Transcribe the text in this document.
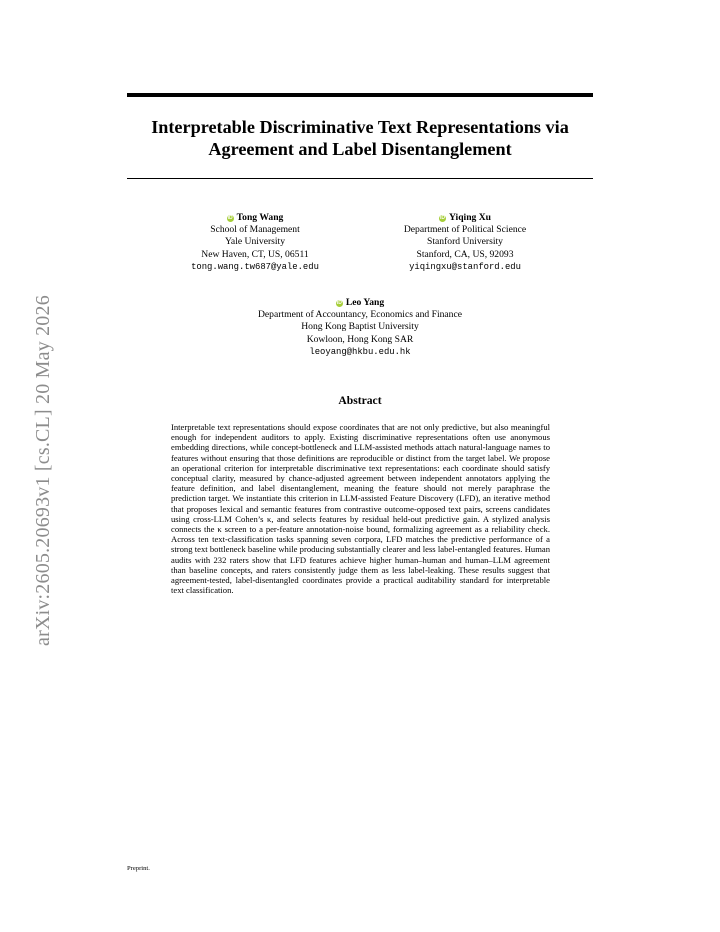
arXiv:2605.20693v1 [cs.CL] 20 May 2026
Interpretable Discriminative Text Representations via Agreement and Label Disentanglement
iD Tong Wang
School of Management
Yale University
New Haven, CT, US, 06511
tong.wang.tw687@yale.edu
iD Yiqing Xu
Department of Political Science
Stanford University
Stanford, CA, US, 92093
yiqingxu@stanford.edu
iD Leo Yang
Department of Accountancy, Economics and Finance
Hong Kong Baptist University
Kowloon, Hong Kong SAR
leoyang@hkbu.edu.hk
Abstract

Interpretable text representations should expose coordinates that are not only predictive, but also meaningful enough for independent auditors to apply. Existing discriminative representations often use anonymous embedding directions, while concept-bottleneck and LLM-assisted methods attach natural-language names to features without ensuring that those definitions are reproducible or distinct from the target label. We propose an operational criterion for interpretable discriminative text representations: each coordinate should satisfy conceptual clarity, measured by chance-adjusted agreement between independent annotators applying the feature definition, and label disentanglement, meaning the feature should not merely paraphrase the prediction target. We instantiate this criterion in LLM-assisted Feature Discovery (LFD), an iterative method that proposes lexical and semantic features from contrastive outcome-opposed text pairs, screens candidates using cross-LLM Cohen’s κ, and selects features by residual held-out predictive gain. A stylized analysis connects the κ screen to a per-feature annotation-noise bound, formalizing agreement as a reliability check. Across ten text-classification tasks spanning seven corpora, LFD matches the predictive performance of a strong text bottleneck baseline while producing substantially clearer and less label-entangled features. Human audits with 232 raters show that LFD features achieve higher human–human and human–LLM agreement than baseline concepts, and raters consistently judge them as less label-leaking. These results suggest that agreement-tested, label-disentangled coordinates provide a practical auditability standard for interpretable text classification.

Preprint.
